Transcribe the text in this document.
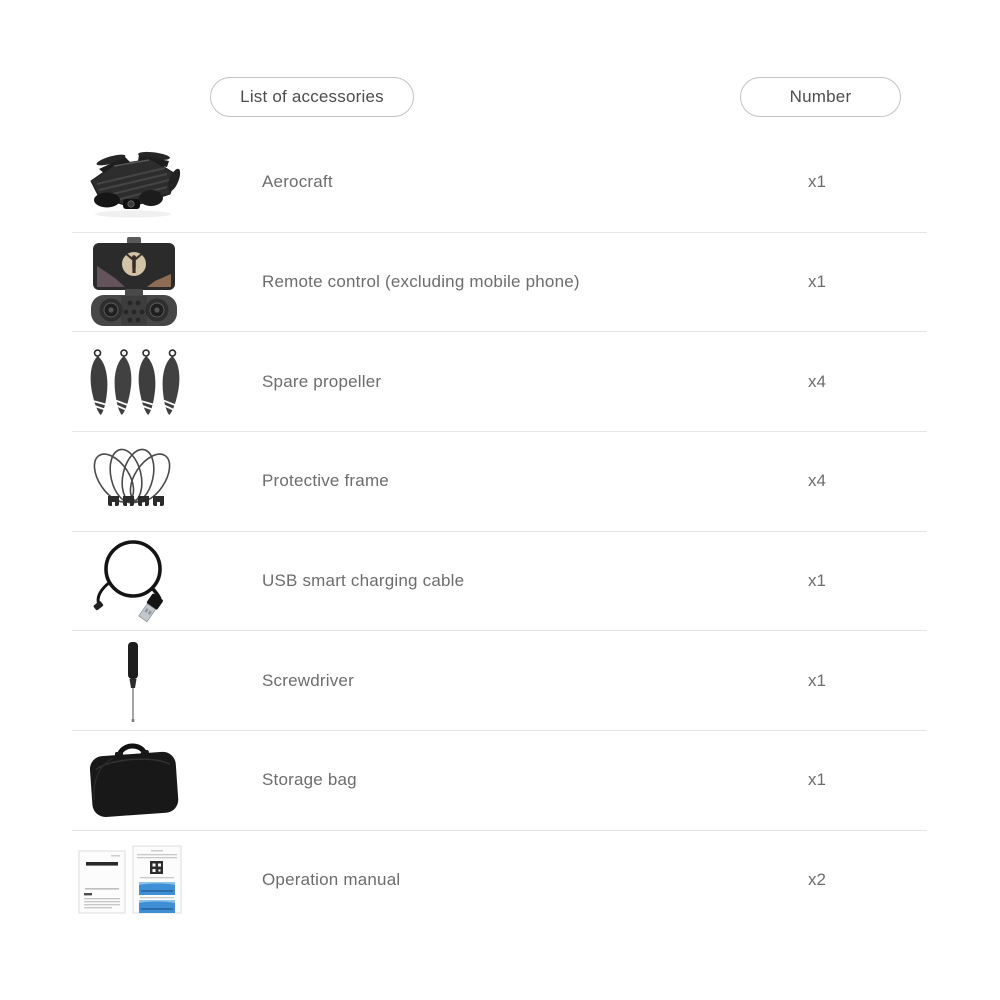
List of accessories	Number
Aerocraft	x1
Remote control (excluding mobile phone)	x1
Spare propeller	x4
Protective frame	x4
USB smart charging cable	x1
Screwdriver	x1
Storage bag	x1
Operation manual	x2
